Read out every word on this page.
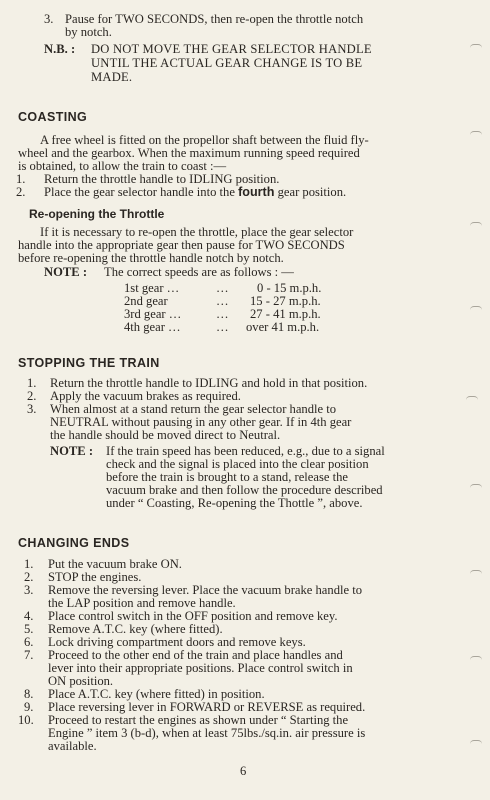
3. Pause for TWO SECONDS, then re-open the throttle notch
by notch.
N.B. : DO NOT MOVE THE GEAR SELECTOR HANDLE
UNTIL THE ACTUAL GEAR CHANGE IS TO BE
MADE.
COASTING
A free wheel is fitted on the propellor shaft between the fluid fly-
wheel and the gearbox. When the maximum running speed required
is obtained, to allow the train to coast :—
1. Return the throttle handle to IDLING position.
2. Place the gear selector handle into the fourth gear position.
Re-opening the Throttle
If it is necessary to re-open the throttle, place the gear selector
handle into the appropriate gear then pause for TWO SECONDS
before re-opening the throttle handle notch by notch.
NOTE : The correct speeds are as follows : —
1st gear …	… 0 - 15 m.p.h.
2nd gear	… 15 - 27 m.p.h.
3rd gear …	… 27 - 41 m.p.h.
4th gear …	… over 41 m.p.h.
STOPPING THE TRAIN
1. Return the throttle handle to IDLING and hold in that position.
2. Apply the vacuum brakes as required.
3. When almost at a stand return the gear selector handle to
NEUTRAL without pausing in any other gear. If in 4th gear
the handle should be moved direct to Neutral.
NOTE : If the train speed has been reduced, e.g., due to a signal
check and the signal is placed into the clear position
before the train is brought to a stand, release the
vacuum brake and then follow the procedure described
under “ Coasting, Re-opening the Thottle ”, above.
CHANGING ENDS
1. Put the vacuum brake ON.
2. STOP the engines.
3. Remove the reversing lever. Place the vacuum brake handle to
the LAP position and remove handle.
4. Place control switch in the OFF position and remove key.
5. Remove A.T.C. key (where fitted).
6. Lock driving compartment doors and remove keys.
7. Proceed to the other end of the train and place handles and
lever into their appropriate positions. Place control switch in
ON position.
8. Place A.T.C. key (where fitted) in position.
9. Place reversing lever in FORWARD or REVERSE as required.
10. Proceed to restart the engines as shown under “ Starting the
Engine ” item 3 (b-d), when at least 75lbs./sq.in. air pressure is
available.
6
